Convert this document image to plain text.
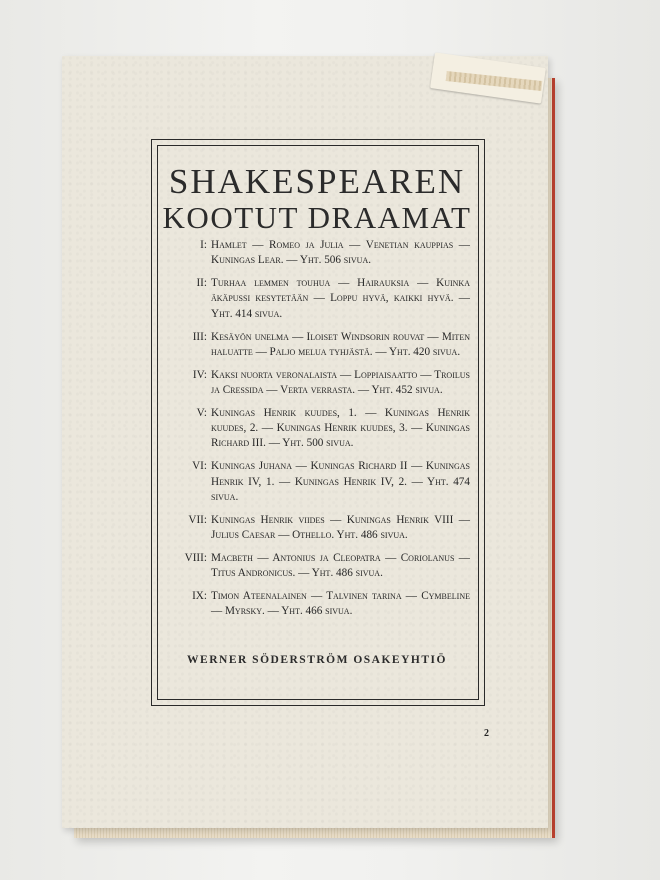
SHAKESPEAREN
KOOTUT DRAAMAT
I: Hamlet — Romeo ja Julia — Venetian kauppias — Kuningas Lear. — Yht. 506 sivua.
II: Turhaa lemmen touhua — Hairauksia — Kuinka äkäpussi kesytetään — Loppu hyvä, kaikki hyvä. — Yht. 414 sivua.
III: Kesäyön unelma — Iloiset Windsorin rouvat — Miten haluatte — Paljo melua tyhjästä. — Yht. 420 sivua.
IV: Kaksi nuorta veronalaista — Loppiaisaatto — Troilus ja Cressida — Verta verrasta. — Yht. 452 sivua.
V: Kuningas Henrik kuudes, 1. — Kuningas Henrik kuudes, 2. — Kuningas Henrik kuudes, 3. — Kuningas Richard III. — Yht. 500 sivua.
VI: Kuningas Juhana — Kuningas Richard II — Kuningas Henrik IV, 1. — Kuningas Henrik IV, 2. — Yht. 474 sivua.
VII: Kuningas Henrik viides — Kuningas Henrik VIII — Julius Caesar — Othello. Yht. 486 sivua.
VIII: Macbeth — Antonius ja Cleopatra — Coriolanus — Titus Andronicus. — Yht. 486 sivua.
IX: Timon Ateenalainen — Talvinen tarina — Cymbeline — Myrsky. — Yht. 466 sivua.
WERNER SÖDERSTRÖM OSAKEYHTIÖ
2
